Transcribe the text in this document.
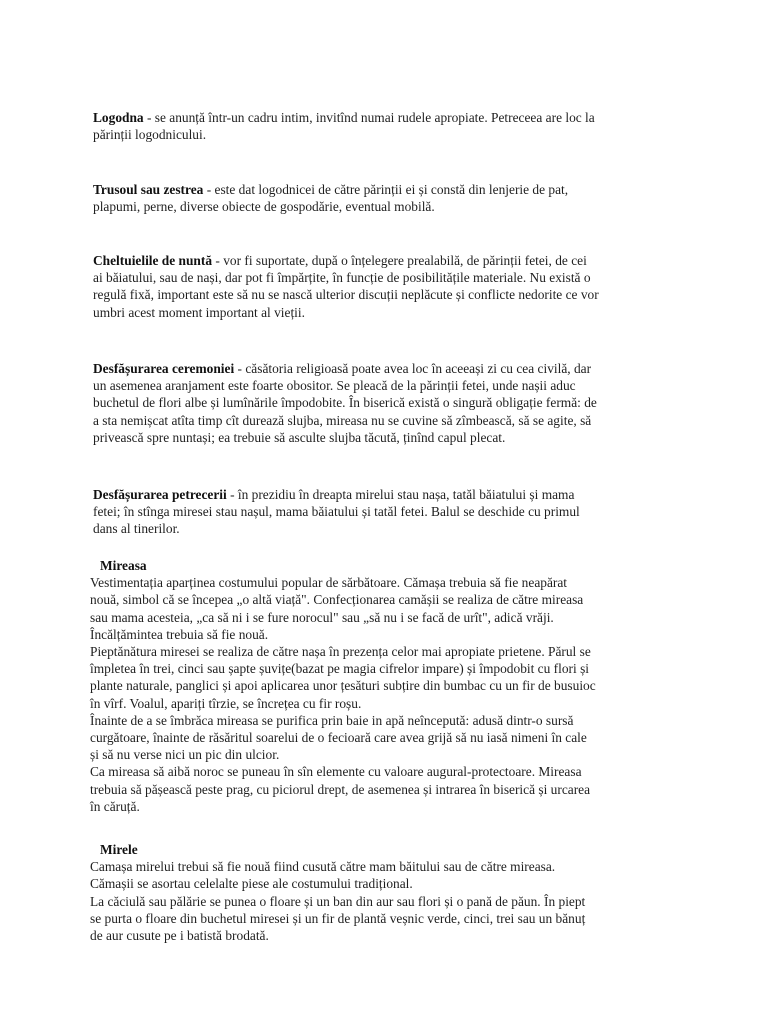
Logodna - se anunță într-un cadru intim, invitînd numai rudele apropiate. Petreceea are loc la
părinții logodnicului.

Trusoul sau zestrea - este dat logodnicei de către părinții ei și constă din lenjerie de pat,
plapumi, perne, diverse obiecte de gospodărie, eventual mobilă.

Cheltuielile de nuntă - vor fi suportate, după o înțelegere prealabilă, de părinții fetei, de cei
ai băiatului, sau de nași, dar pot fi împărțite, în funcție de posibilitățile materiale. Nu există o
regulă fixă, important este să nu se nască ulterior discuții neplăcute și conflicte nedorite ce vor
umbri acest moment important al vieții.

Desfășurarea ceremoniei - căsătoria religioasă poate avea loc în aceeași zi cu cea civilă, dar
un asemenea aranjament este foarte obositor. Se pleacă de la părinții fetei, unde nașii aduc
buchetul de flori albe și lumînările împodobite. În biserică există o singură obligație fermă: de
a sta nemișcat atîta timp cît durează slujba, mireasa nu se cuvine să zîmbească, să se agite, să
privească spre nuntași; ea trebuie să asculte slujba tăcută, ținînd capul plecat.

Desfășurarea petrecerii - în prezidiu în dreapta mirelui stau nașa, tatăl băiatului și mama
fetei; în stînga miresei stau nașul, mama băiatului și tatăl fetei. Balul se deschide cu primul
dans al tinerilor.

Mireasa
Vestimentația aparținea costumului popular de sărbătoare. Cămașa trebuia să fie neapărat
nouă, simbol că se începea „o altă viață". Confecționarea camășii se realiza de către mireasa
sau mama acesteia, „ca să ni i se fure norocul" sau „să nu i se facă de urît", adică vrăji.
Încălțămintea trebuia să fie nouă.
Pieptănătura miresei se realiza de către nașa în prezența celor mai apropiate prietene. Părul se
împletea în trei, cinci sau șapte șuvițe(bazat pe magia cifrelor impare) și împodobit cu flori și
plante naturale, panglici și apoi aplicarea unor țesături subțire din bumbac cu un fir de busuioc
în vîrf. Voalul, apariți tîrzie, se încrețea cu fir roșu.
Înainte de a se îmbrăca mireasa se purifica prin baie in apă neîncepută: adusă dintr-o sursă
curgătoare, înainte de răsăritul soarelui de o fecioară care avea grijă să nu iasă nimeni în cale
și să nu verse nici un pic din ulcior.
Ca mireasa să aibă noroc se puneau în sîn elemente cu valoare augural-protectoare. Mireasa
trebuia să pășească peste prag, cu piciorul drept, de asemenea și intrarea în biserică și urcarea
în căruță.
Mirele
Camașa mirelui trebui să fie nouă fiind cusută către mam băitului sau de către mireasa.
Cămașii se asortau celelalte piese ale costumului tradițional.
La căciulă sau pălărie se punea o floare și un ban din aur sau flori și o pană de păun. În piept
se purta o floare din buchetul miresei și un fir de plantă veșnic verde, cinci, trei sau un bănuț
de aur cusute pe i batistă brodată.
